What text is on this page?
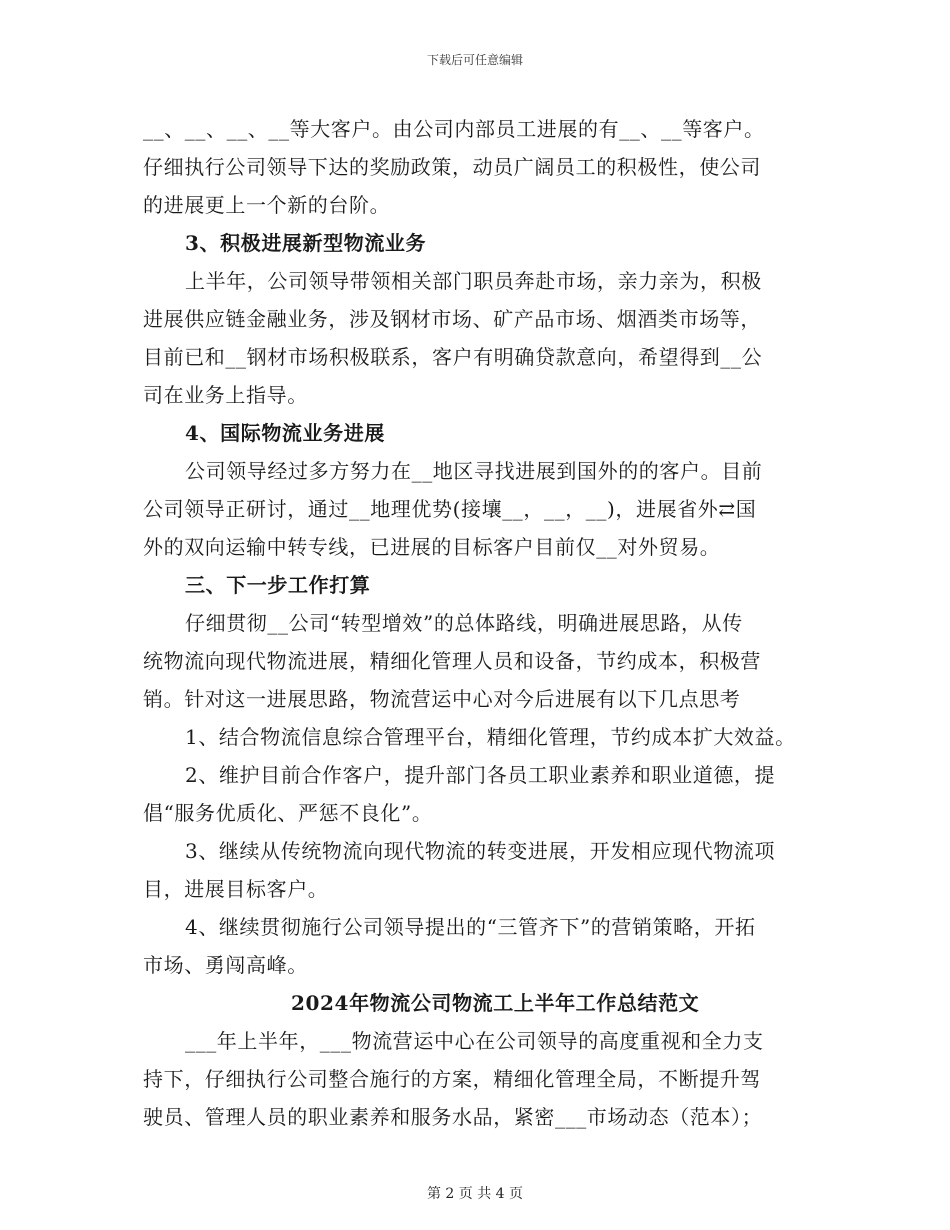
下载后可任意编辑
__、__、__、__等大客户。由公司内部员工进展的有__、__等客户。
仔细执行公司领导下达的奖励政策，动员广阔员工的积极性，使公司
的进展更上一个新的台阶。
3、积极进展新型物流业务
上半年，公司领导带领相关部门职员奔赴市场，亲力亲为，积极
进展供应链金融业务，涉及钢材市场、矿产品市场、烟酒类市场等，
目前已和__钢材市场积极联系，客户有明确贷款意向，希望得到__公
司在业务上指导。
4、国际物流业务进展
公司领导经过多方努力在__地区寻找进展到国外的的客户。目前
公司领导正研讨，通过__地理优势(接壤__，__，__)，进展省外⇄国
外的双向运输中转专线，已进展的目标客户目前仅__对外贸易。
三、下一步工作打算
仔细贯彻__公司“转型增效”的总体路线，明确进展思路，从传
统物流向现代物流进展，精细化管理人员和设备，节约成本，积极营
销。针对这一进展思路，物流营运中心对今后进展有以下几点思考
1、结合物流信息综合管理平台，精细化管理，节约成本扩大效益。
2、维护目前合作客户，提升部门各员工职业素养和职业道德，提
倡“服务优质化、严惩不良化”。
3、继续从传统物流向现代物流的转变进展，开发相应现代物流项
目，进展目标客户。
4、继续贯彻施行公司领导提出的“三管齐下”的营销策略，开拓
市场、勇闯高峰。
2024年物流公司物流工上半年工作总结范文
___年上半年，___物流营运中心在公司领导的高度重视和全力支
持下，仔细执行公司整合施行的方案，精细化管理全局，不断提升驾
驶员、管理人员的职业素养和服务水品，紧密___市场动态（范本）；
第 2 页 共 4 页
